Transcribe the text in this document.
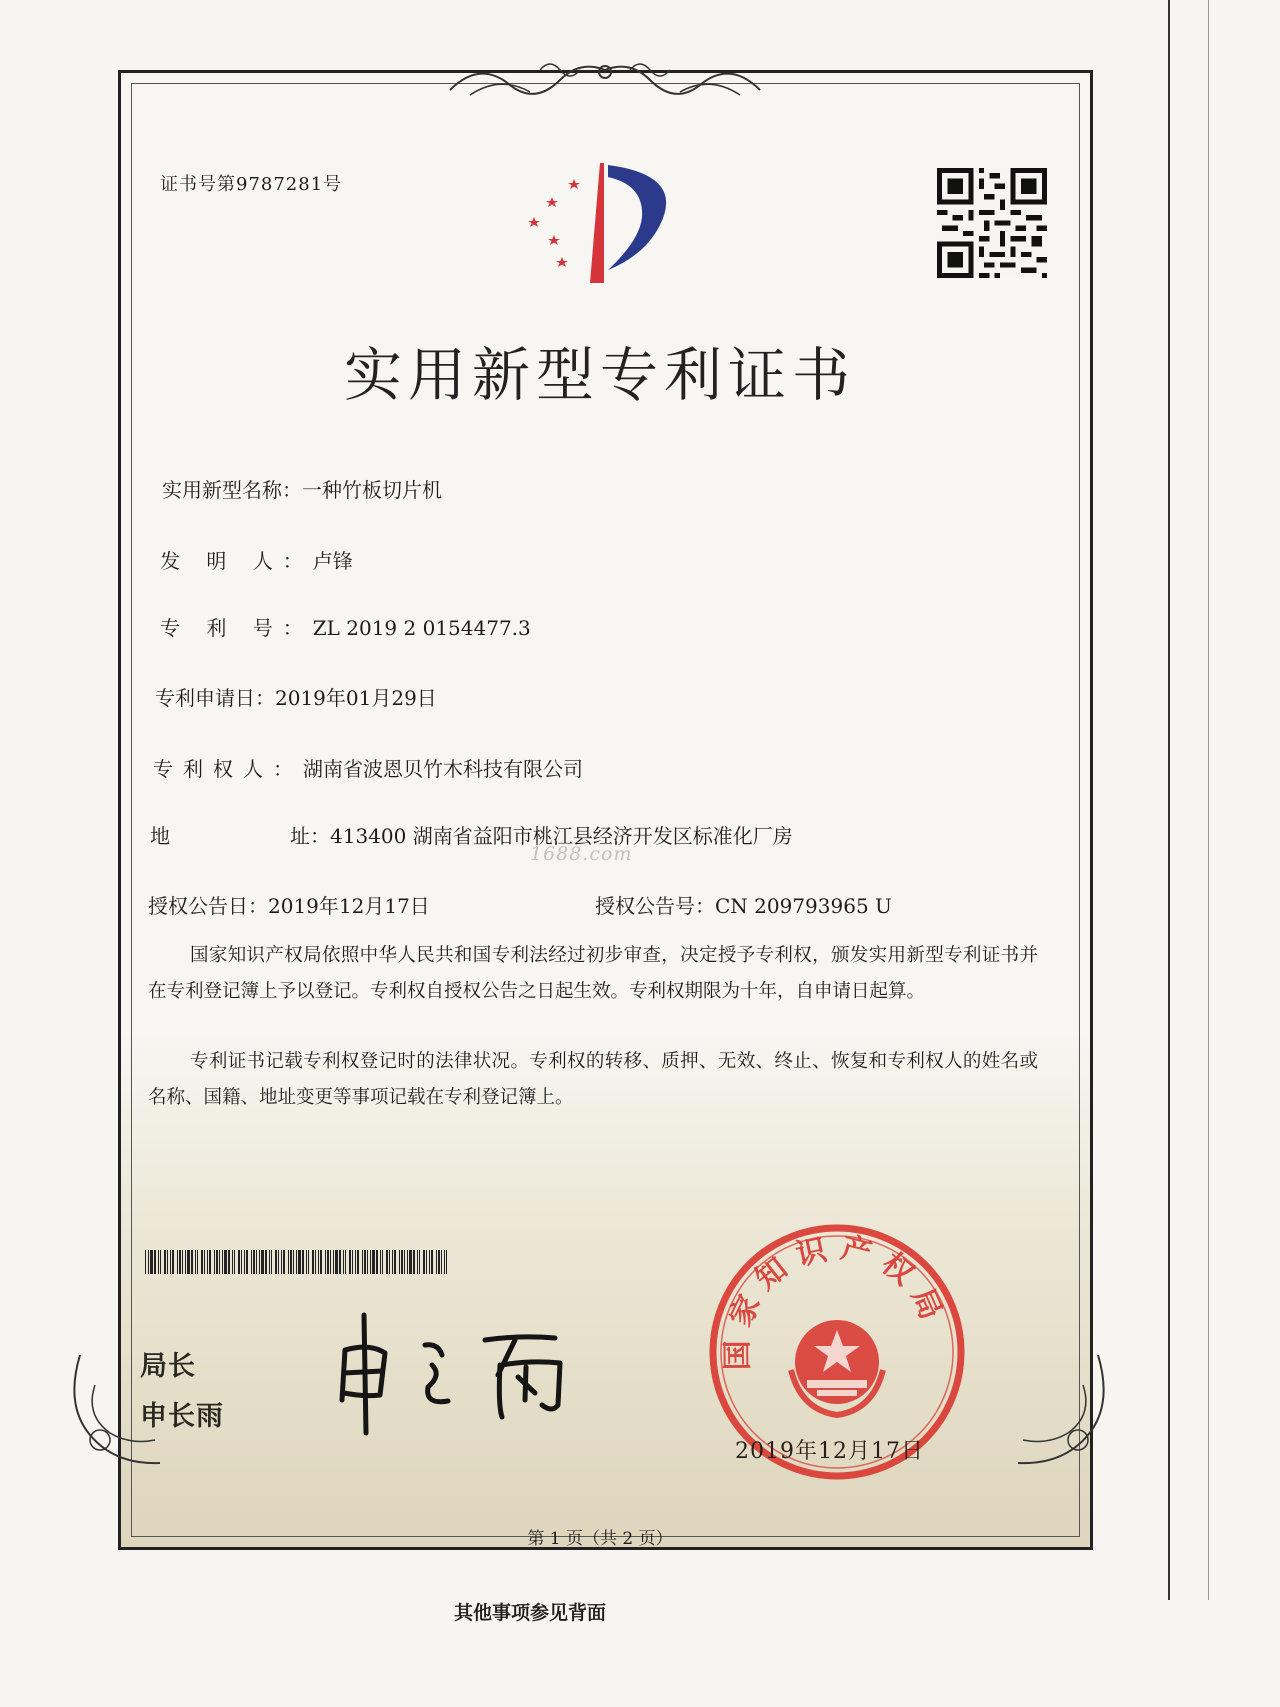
证书号第9787281号
实用新型专利证书
实用新型名称：一种竹板切片机
发 明 人：卢锋
专 利 号：ZL 2019 2 0154477.3
专利申请日：2019年01月29日
专利权人：湖南省波恩贝竹木科技有限公司
地	址：413400 湖南省益阳市桃江县经济开发区标准化厂房
1688.com
授权公告日：2019年12月17日	授权公告号：CN 209793965 U
国家知识产权局依照中华人民共和国专利法经过初步审查，决定授予专利权，颁发实用新型专利证书并在专利登记簿上予以登记。专利权自授权公告之日起生效。专利权期限为十年，自申请日起算。
专利证书记载专利权登记时的法律状况。专利权的转移、质押、无效、终止、恢复和专利权人的姓名或名称、国籍、地址变更等事项记载在专利登记簿上。
局长
申长雨
国家知识产权局
2019年12月17日
第 1 页（共 2 页）
其他事项参见背面
